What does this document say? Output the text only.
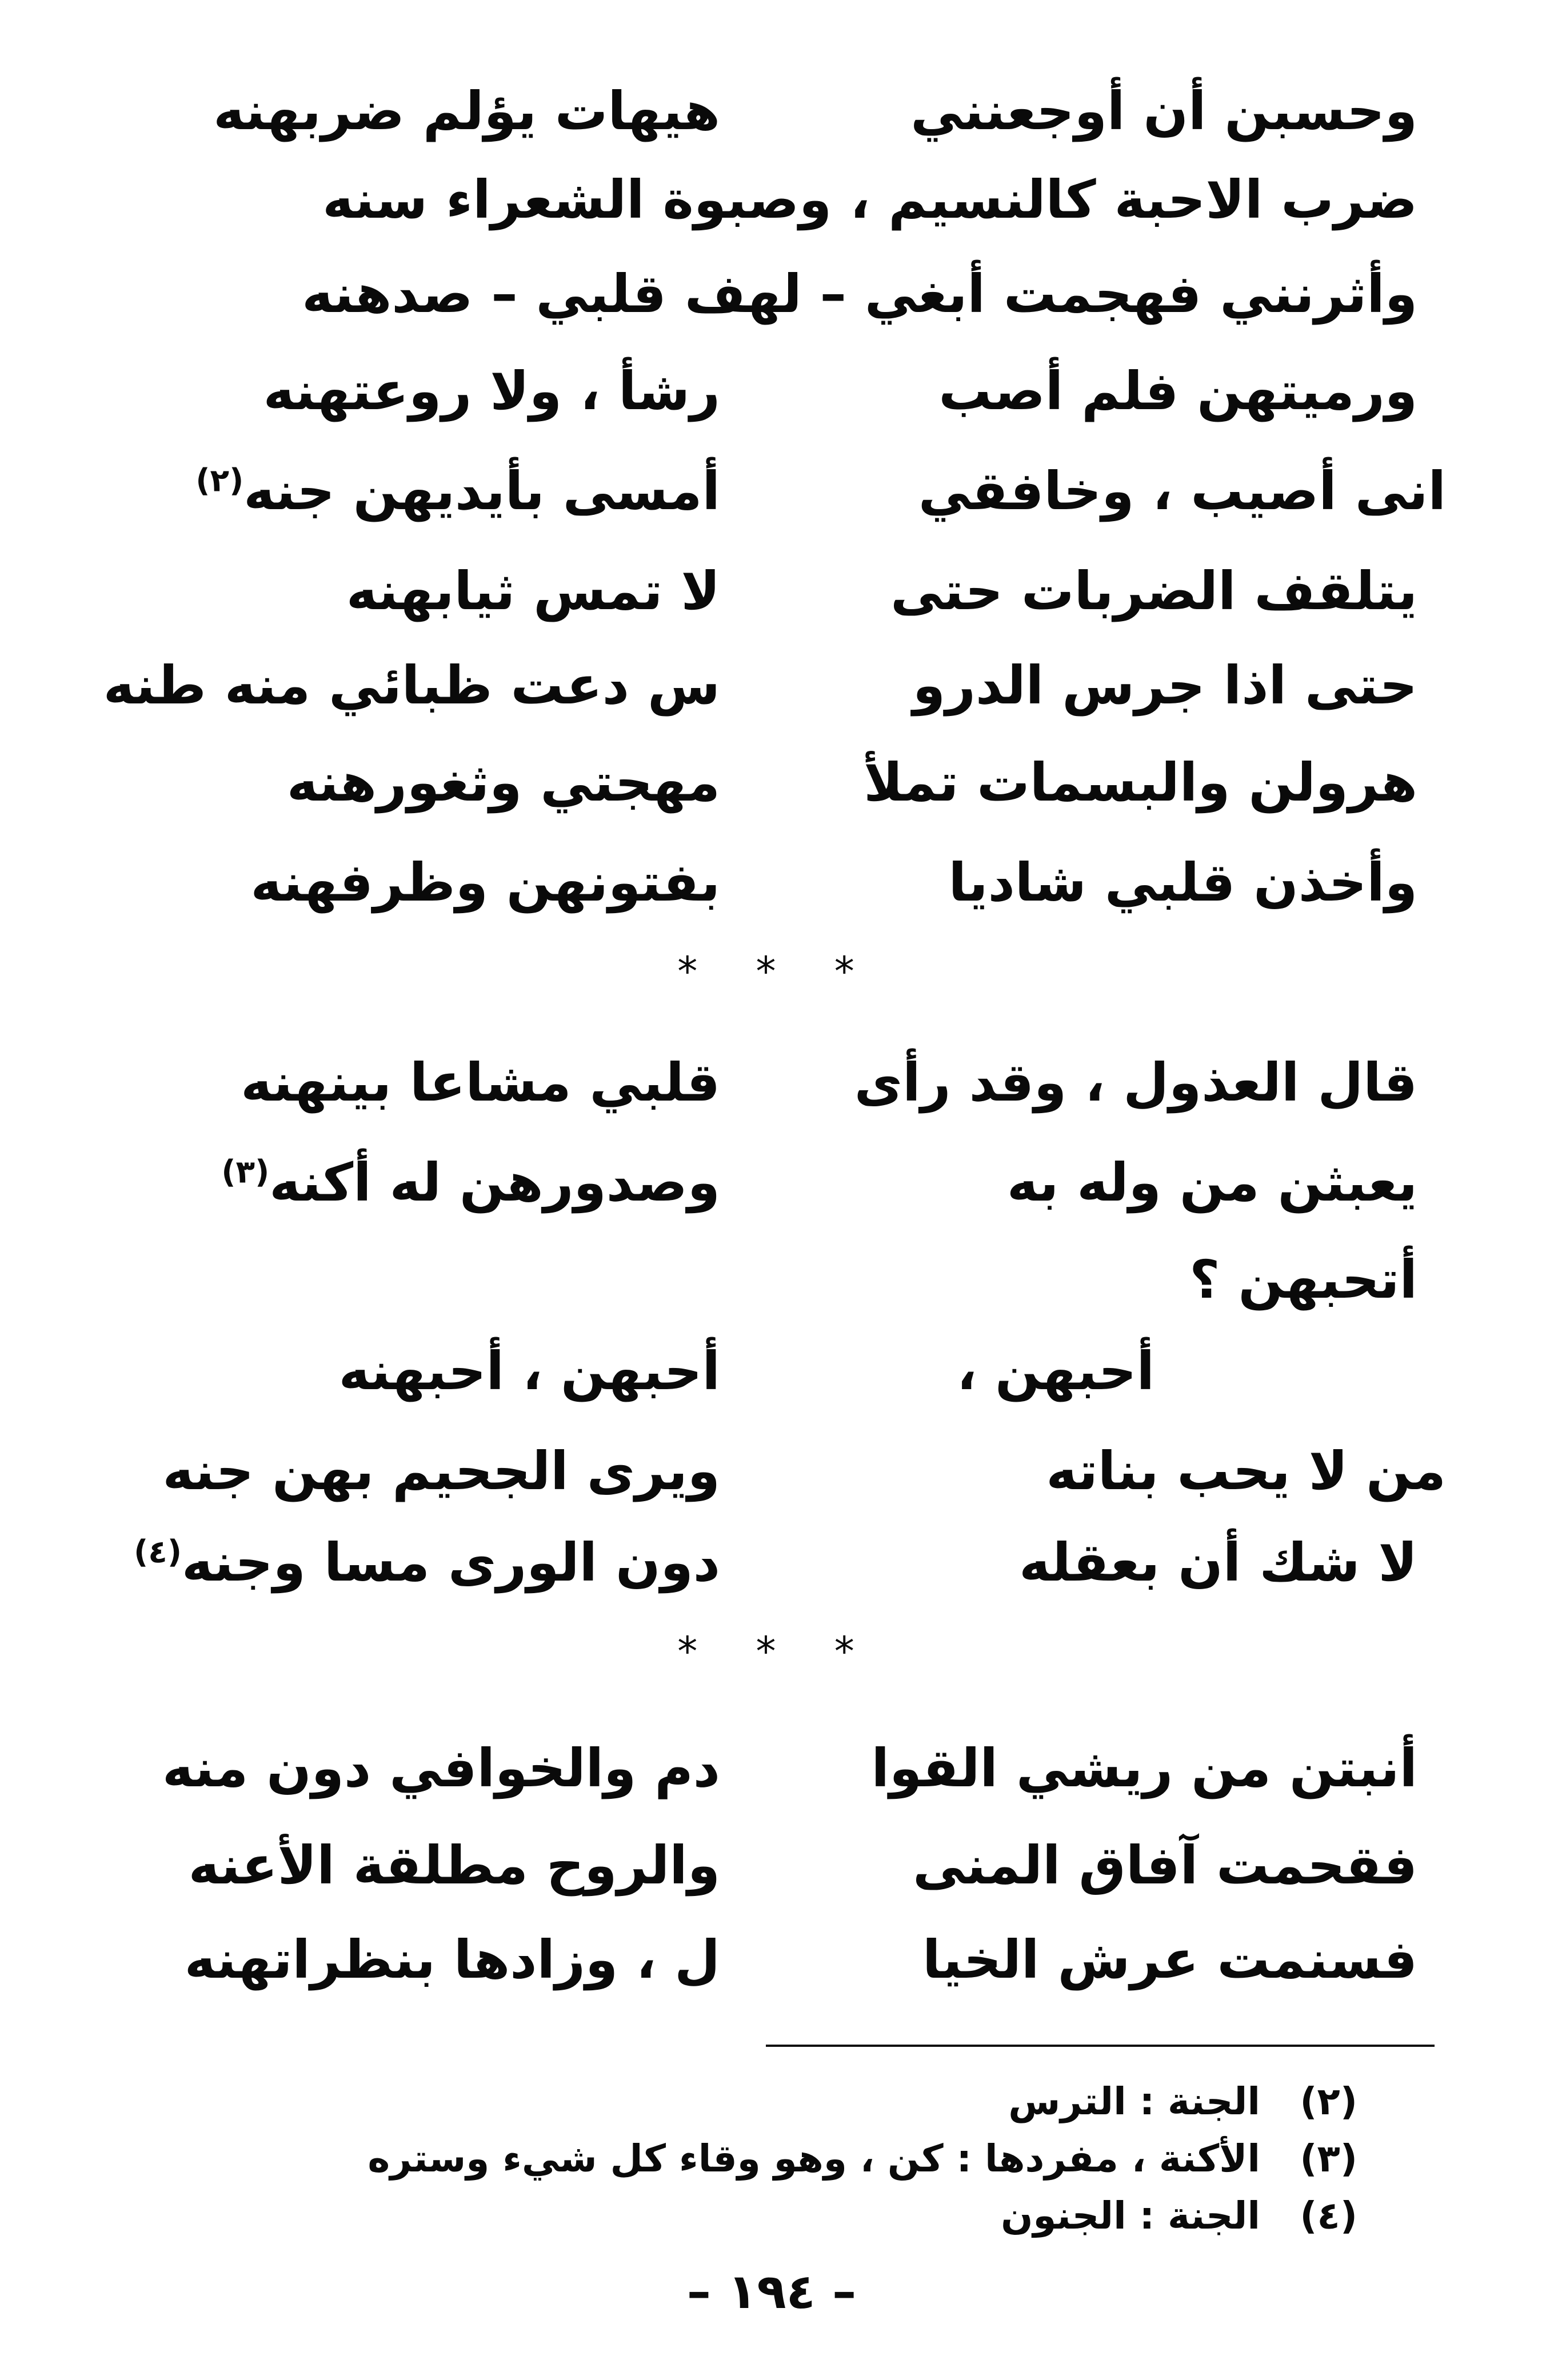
وحسبن أن أوجعنني
هيهات يؤلم ضربهنه
ضرب الاحبة كالنسيم ، وصبوة الشعراء سنه
وأثرنني فهجمت أبغي – لهف قلبي – صدهنه
ورميتهن فلم أصب
رشأ ، ولا روعتهنه
انى أصيب ، وخافقي
أمسى بأيديهن جنه$^{(٢)}$
يتلقف الضربات حتى
لا تمس ثيابهنه
حتى اذا جرس الدرو
س دعت ظبائي منه طنه
هرولن والبسمات تملأ
مهجتي وثغورهنه
وأخذن قلبي شاديا
بفتونهن وظرفهنه
* * *
قال العذول ، وقد رأى
قلبي مشاعا بينهنه
يعبثن من وله به
وصدورهن له أكنه$^{(٣)}$
أتحبهن ؟
أحبهن ،
أحبهن ، أحبهنه
من لا يحب بناته
ويرى الجحيم بهن جنه
لا شك أن بعقله
دون الورى مسا وجنه$^{(٤)}$
* * *
أنبتن من ريشي القوا
دم والخوافي دون منه
فقحمت آفاق المنى
والروح مطلقة الأعنه
فسنمت عرش الخيا
ل ، وزادها بنظراتهنه
(٢)
الجنة : الترس
(٣)
الأكنة ، مفردها : كن ، وهو وقاء كل شيء وستره
(٤)
الجنة : الجنون
– ١٩٤ –
